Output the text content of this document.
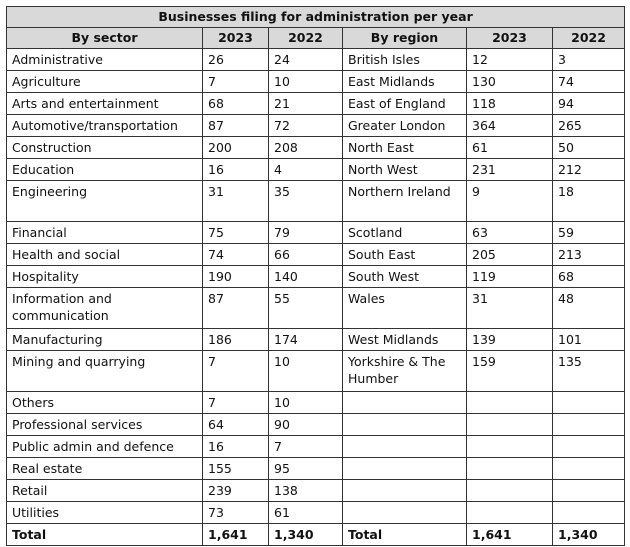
Businesses filing for administration per year					
By sector	2023	2022	By region	2023	2022
Administrative	26	24	British Isles	12	3
Agriculture	7	10	East Midlands	130	74
Arts and entertainment	68	21	East of England	118	94
Automotive/transportation	87	72	Greater London	364	265
Construction	200	208	North East	61	50
Education	16	4	North West	231	212
Engineering	31	35	Northern Ireland	9	18
Financial	75	79	Scotland	63	59
Health and social	74	66	South East	205	213
Hospitality	190	140	South West	119	68
Information and communication	87	55	Wales	31	48
Manufacturing	186	174	West Midlands	139	101
Mining and quarrying	7	10	Yorkshire & The Humber	159	135
Others	7	10			
Professional services	64	90			
Public admin and defence	16	7			
Real estate	155	95			
Retail	239	138			
Utilities	73	61			
Total	1,641	1,340	Total	1,641	1,340
